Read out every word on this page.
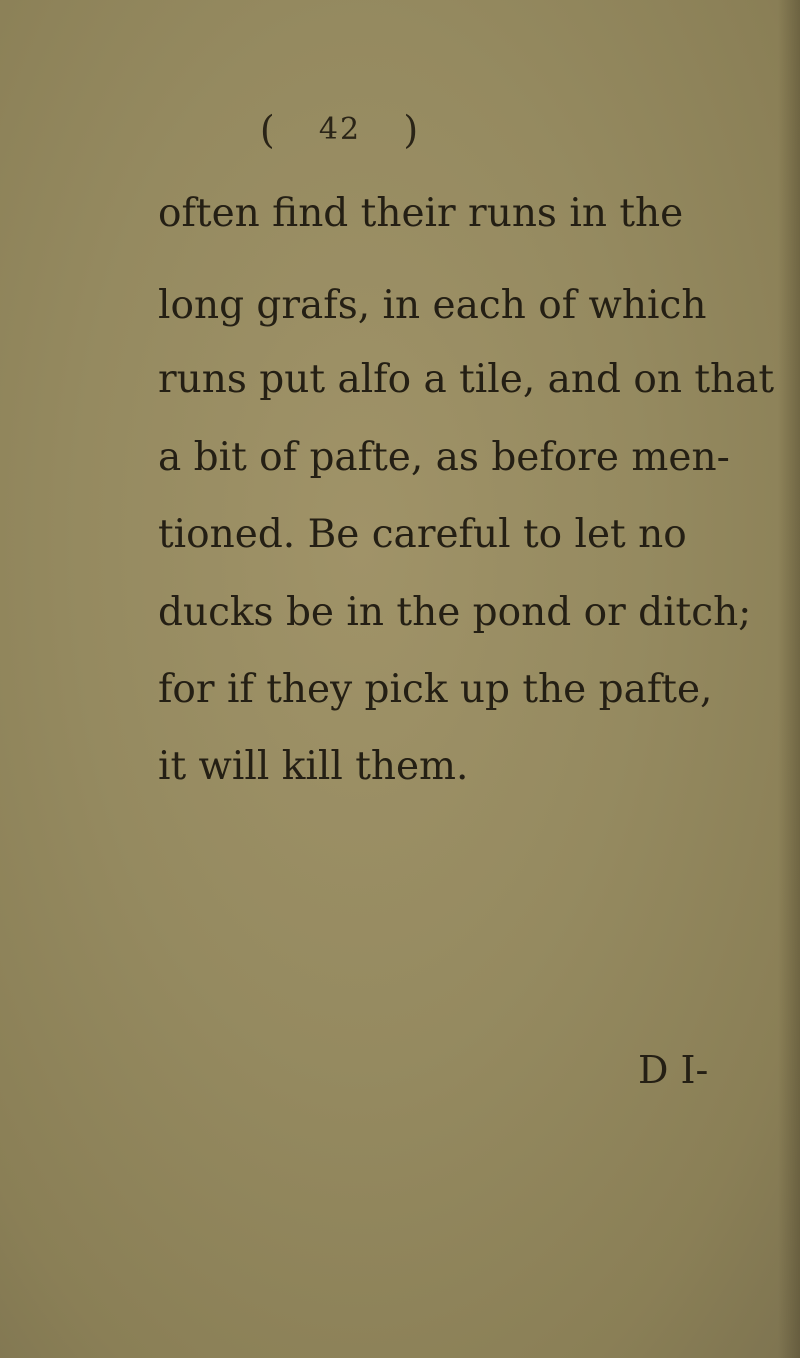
( 42 )
often find their runs in the
long grafs, in each of which
runs put alfo a tile, and on that
a bit of pafte, as before men-
tioned. Be careful to let no
ducks be in the pond or ditch;
for if they pick up the pafte,
it will kill them.
D I-
